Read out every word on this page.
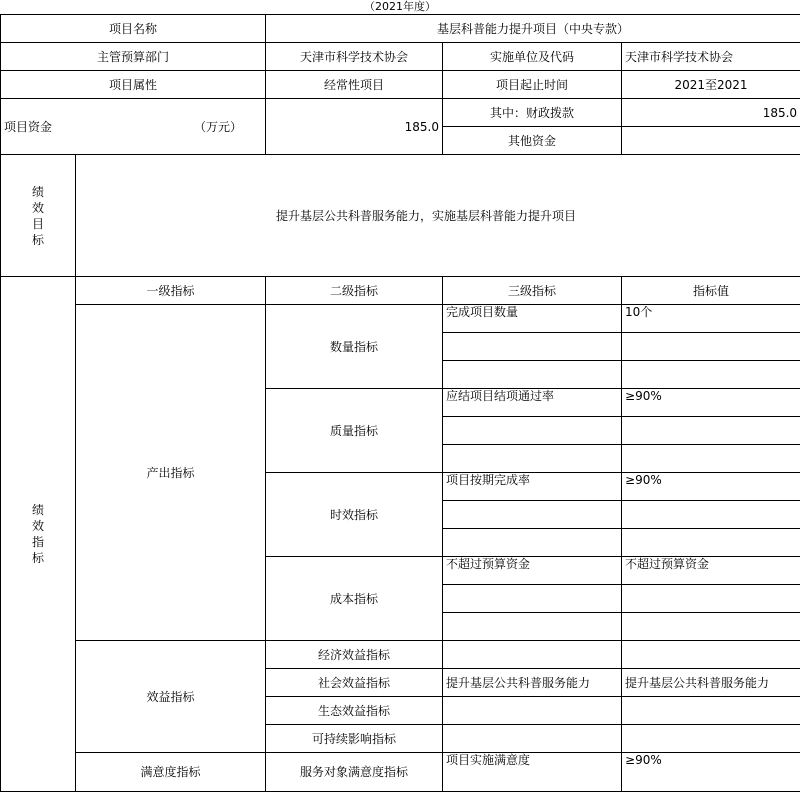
（2021年度）
项目名称		基层科普能力提升项目（中央专款）		
主管预算部门		天津市科学技术协会	实施单位及代码	天津市科学技术协会
项目属性		经常性项目	项目起止时间	2021至2021
项目资金 （万元）		185.0	其中：财政拨款	185.0
			其他资金	

绩效目标	提升基层公共科普服务能力，实施基层科普能力提升项目			

绩效指标	一级指标	二级指标	三级指标	指标值
	产出指标	数量指标	完成项目数量	10个

		质量指标	应结项目结项通过率	≥90%

		时效指标	项目按期完成率	≥90%

		成本指标	不超过预算资金	不超过预算资金

	效益指标	经济效益指标		
		社会效益指标	提升基层公共科普服务能力	提升基层公共科普服务能力
		生态效益指标		
		可持续影响指标		
	满意度指标	服务对象满意度指标	项目实施满意度	≥90%
